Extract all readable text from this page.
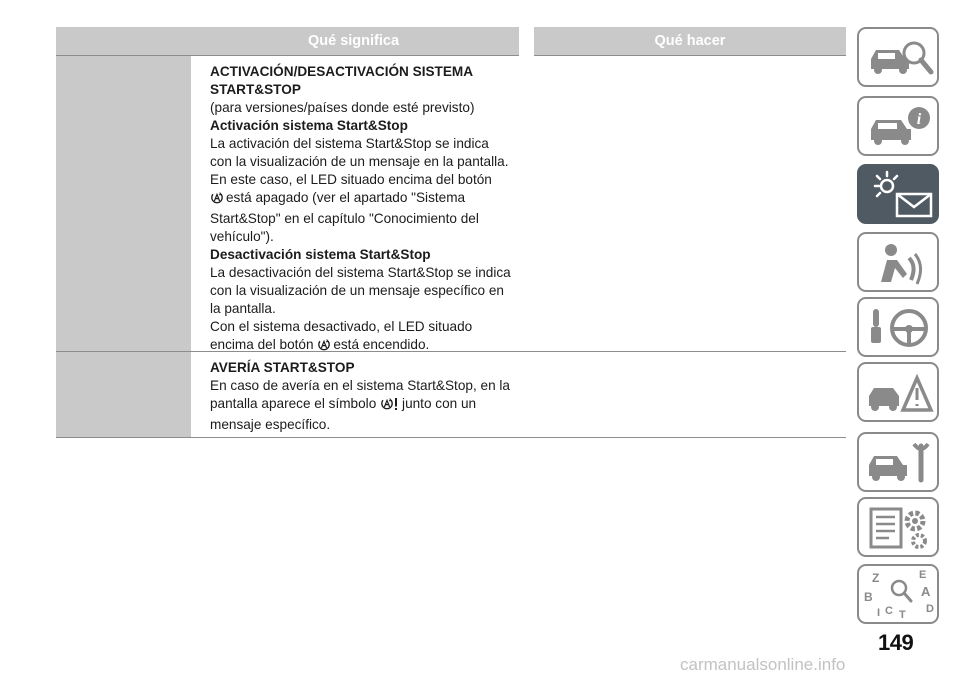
Qué significa	Qué hacer

ACTIVACIÓN/DESACTIVACIÓN SISTEMA

START&STOP

(para versiones/países donde esté previsto)

Activación sistema Start&Stop

La activación del sistema Start&Stop se indica

con la visualización de un mensaje en la pantalla.

En este caso, el LED situado encima del botón

está apagado (ver el apartado "Sistema

Start&Stop" en el capítulo "Conocimiento del

vehículo").

Desactivación sistema Start&Stop

La desactivación del sistema Start&Stop se indica

con la visualización de un mensaje específico en

la pantalla.

Con el sistema desactivado, el LED situado

encima del botón está encendido.

AVERÍA START&STOP

En caso de avería en el sistema Start&Stop, en la

pantalla aparece el símbolo junto con un

mensaje específico.

i
Z	E
B	A
C	D
T
I
149
carmanualsonline.info
